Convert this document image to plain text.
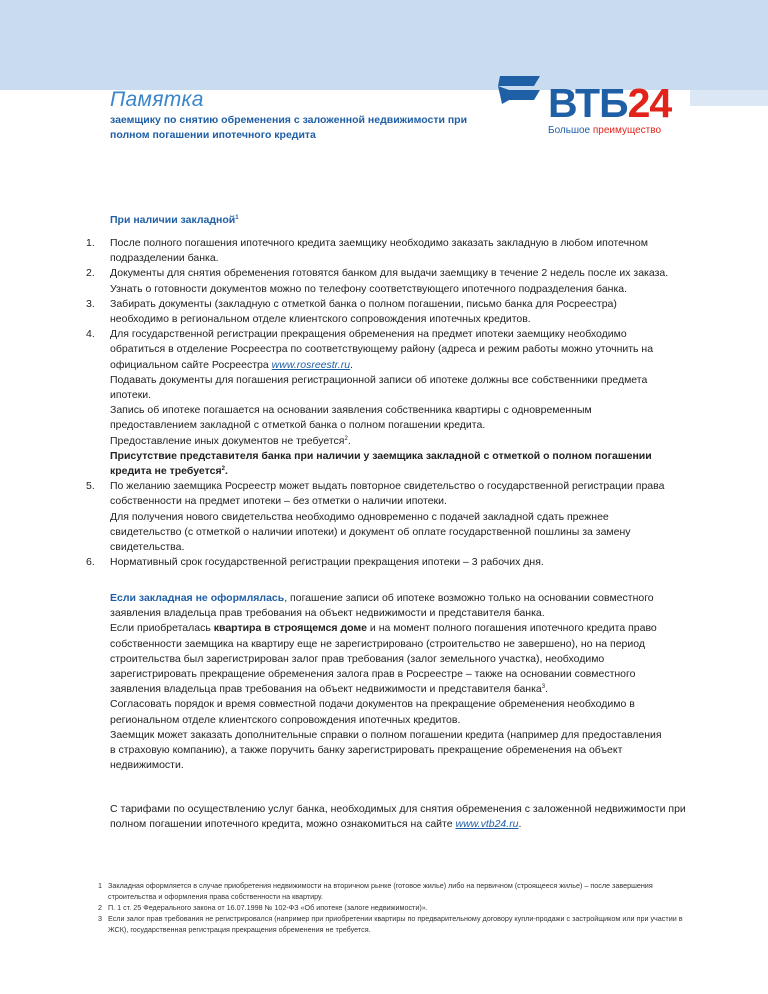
Памятка
заемщику по снятию обременения с заложенной недвижимости при полном погашении ипотечного кредита
ВТБ24
Большое преимущество
При наличии закладной$^1$
1.	После полного погашения ипотечного кредита заемщику необходимо заказать закладную в любом ипотечном подразделении банка.
2.	Документы для снятия обременения готовятся банком для выдачи заемщику в течение 2 недель после их заказа. Узнать о готовности документов можно по телефону соответствующего ипотечного подразделения банка.
3.	Забирать документы (закладную с отметкой банка о полном погашении, письмо банка для Росреестра) необходимо в региональном отделе клиентского сопровождения ипотечных кредитов.
4.	Для государственной регистрации прекращения обременения на предмет ипотеки заемщику необходимо обратиться в отделение Росреестра по соответствующему району (адреса и режим работы можно уточнить на официальном сайте Росреестра www.rosreestr.ru.
Подавать документы для погашения регистрационной записи об ипотеке должны все собственники предмета ипотеки.
Запись об ипотеке погашается на основании заявления собственника квартиры с одновременным предоставлением закладной с отметкой банка о полном погашении кредита.
Предоставление иных документов не требуется$^2$.
Присутствие представителя банка при наличии у заемщика закладной с отметкой о полном погашении кредита не требуется$^2$.
5.	По желанию заемщика Росреестр может выдать повторное свидетельство о государственной регистрации права собственности на предмет ипотеки – без отметки о наличии ипотеки.
Для получения нового свидетельства необходимо одновременно с подачей закладной сдать прежнее свидетельство (с отметкой о наличии ипотеки) и документ об оплате государственной пошлины за замену свидетельства.
6.	Нормативный срок государственной регистрации прекращения ипотеки – 3 рабочих дня.
Если закладная не оформлялась, погашение записи об ипотеке возможно только на основании совместного заявления владельца прав требования на объект недвижимости и представителя банка.
Если приобреталась квартира в строящемся доме и на момент полного погашения ипотечного кредита право собственности заемщика на квартиру еще не зарегистрировано (строительство не завершено), но на период строительства был зарегистрирован залог прав требования (залог земельного участка), необходимо зарегистрировать прекращение обременения залога прав в Росреестре – также на основании совместного заявления владельца прав требования на объект недвижимости и представителя банка$^3$.
Согласовать порядок и время совместной подачи документов на прекращение обременения необходимо в региональном отделе клиентского сопровождения ипотечных кредитов.
Заемщик может заказать дополнительные справки о полном погашении кредита (например для предоставления в страховую компанию), а также поручить банку зарегистрировать прекращение обременения на объект недвижимости.
С тарифами по осуществлению услуг банка, необходимых для снятия обременения с заложенной недвижимости при полном погашении ипотечного кредита, можно ознакомиться на сайте www.vtb24.ru.
1 Закладная оформляется в случае приобретения недвижимости на вторичном рынке (готовое жилье) либо на первичном (строящееся жилье) – после завершения строительства и оформления права собственности на квартиру.
2 П. 1 ст. 25 Федерального закона от 16.07.1998 № 102-ФЗ «Об ипотеке (залоге недвижимости)».
3 Если залог прав требования не регистрировался (например при приобретении квартиры по предварительному договору купли-продажи с застройщиком или при участии в ЖСК), государственная регистрация прекращения обременения не требуется.
